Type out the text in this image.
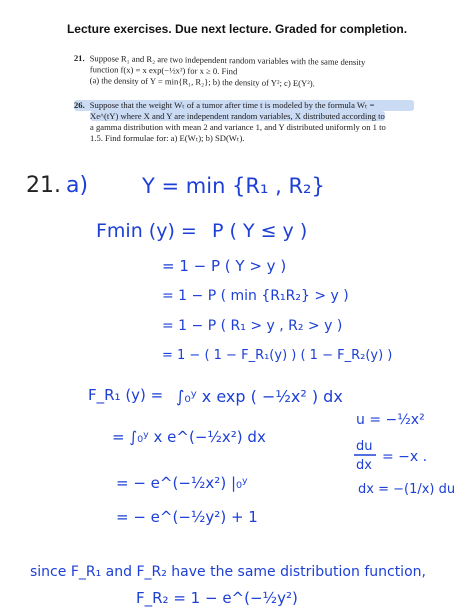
Lecture exercises. Due next lecture. Graded for completion.
21. Suppose R₁ and R₂ are two independent random variables with the same density
function f(x) = x exp(−½x²) for x ≥ 0. Find
(a) the density of Y = min{R₁, R₂}; b) the density of Y²; c) E(Y²).
26. Suppose that the weight Wₜ of a tumor after time t is modeled by the formula Wₜ =
Xe^(tY) where X and Y are independent random variables, X distributed according to
a gamma distribution with mean 2 and variance 1, and Y distributed uniformly on 1 to
1.5. Find formulae for: a) E(Wₜ); b) SD(Wₜ).
21. a)	Y = min {R₁ , R₂}
Fmin (y) = P ( Y ≤ y )
= 1 − P ( Y > y )
= 1 − P ( min {R₁R₂} > y )
= 1 − P ( R₁ > y , R₂ > y )
= 1 − ( 1 − F_R₁(y) ) ( 1 − F_R₂(y) )
F_R₁ (y) = ∫₀ʸ x exp ( −½x² ) dx
= ∫₀ʸ x e^(−½x²) dx
= − e^(−½x²) |₀ʸ
= − e^(−½y²) + 1
u = −½x²
du
dx
= −x .
dx = −(1/x) du
since F_R₁ and F_R₂ have the same distribution function,
F_R₂ = 1 − e^(−½y²)
